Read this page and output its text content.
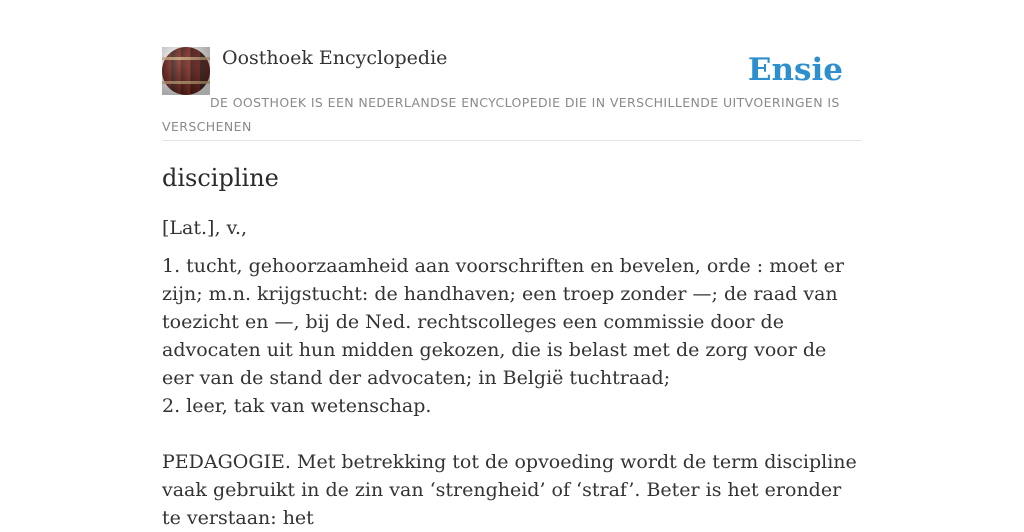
Oosthoek Encyclopedie	Ensie
DE OOSTHOEK IS EEN NEDERLANDSE ENCYCLOPEDIE DIE IN VERSCHILLENDE UITVOERINGEN IS VERSCHENEN
discipline
[Lat.], v.,

1. tucht, gehoorzaamheid aan voorschriften en bevelen, orde : moet er zijn; m.n. krijgstucht: de handhaven; een troep zonder —; de raad van toezicht en —, bij de Ned. rechtscolleges een commissie door de advocaten uit hun midden gekozen, die is belast met de zorg voor de eer van de stand der advocaten; in België tuchtraad;

2. leer, tak van wetenschap.

PEDAGOGIE. Met betrekking tot de opvoeding wordt de term discipline vaak gebruikt in de zin van ‘strengheid’ of ‘straf’. Beter is het eronder te verstaan: het
